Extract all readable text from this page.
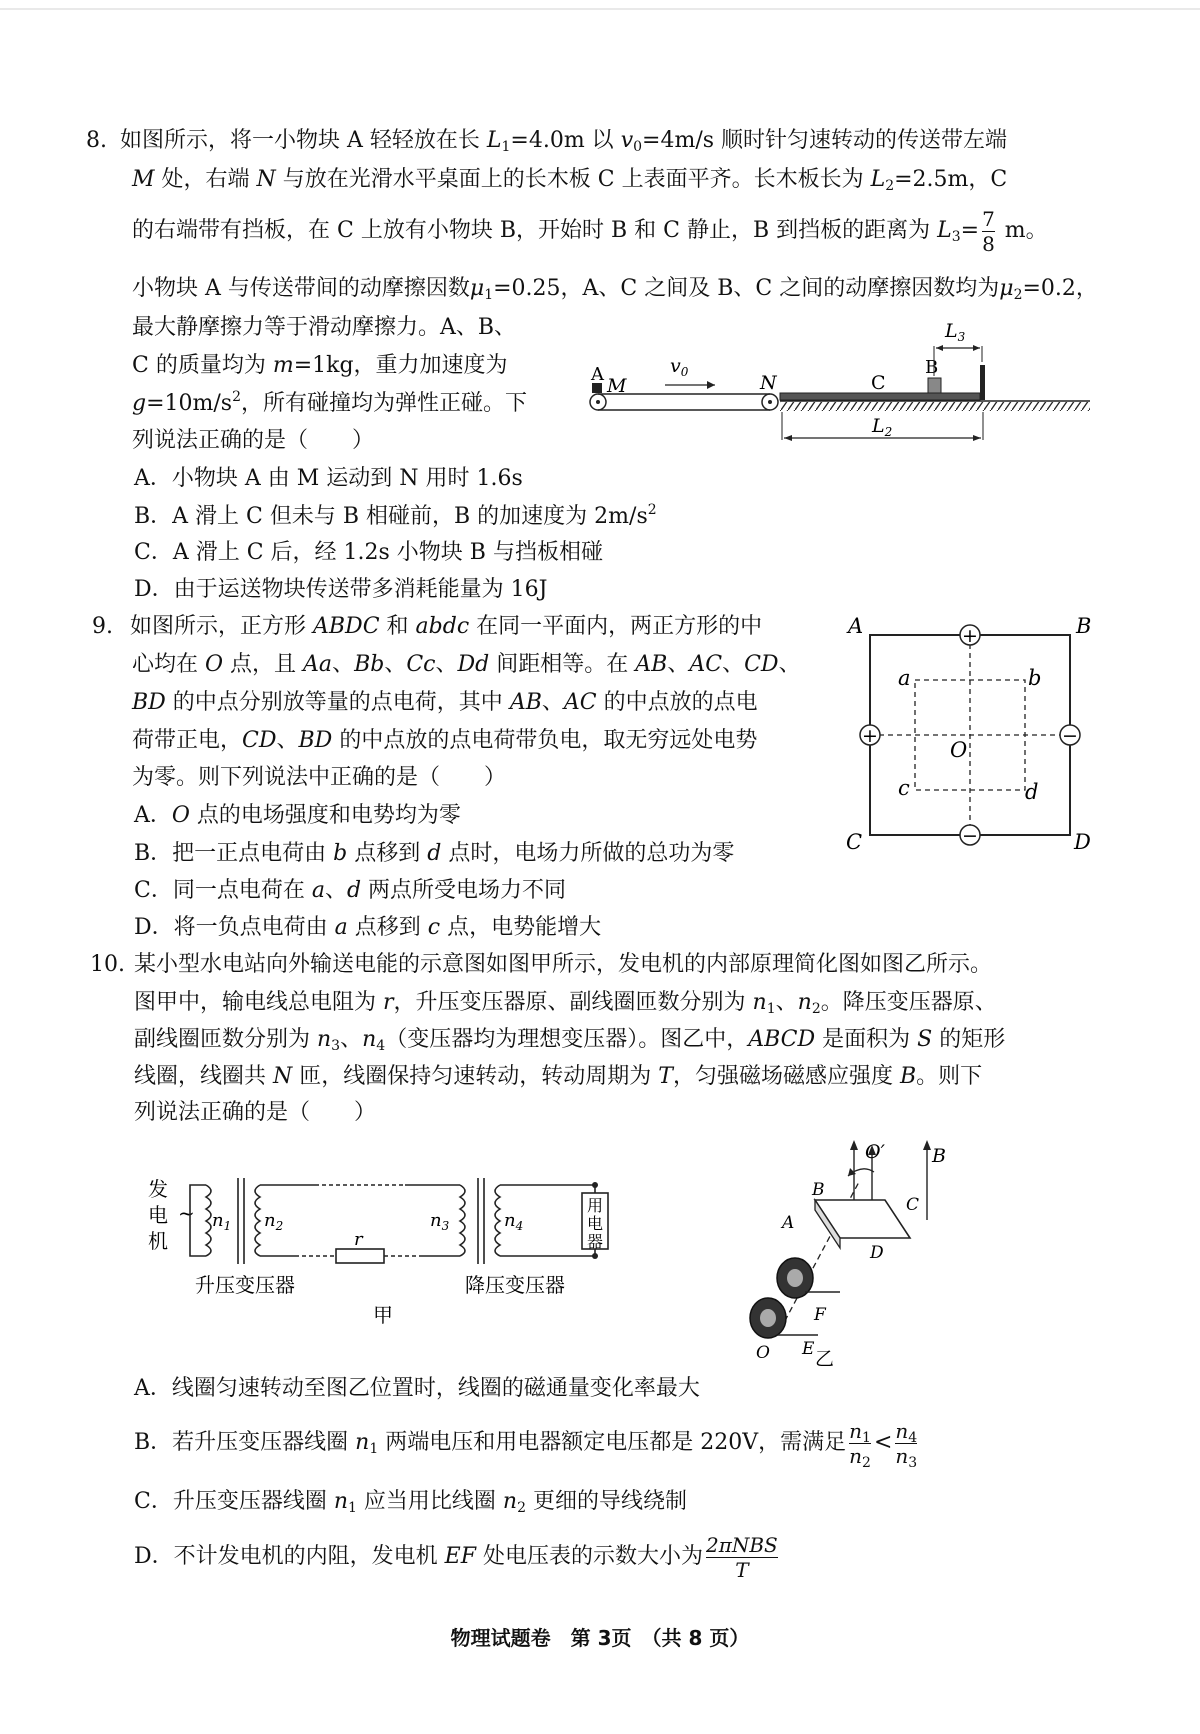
8. 如图所示，将一小物块 A 轻轻放在长 $L_1=4.0m$ 以 $v_0=4m/s$ 顺时针匀速转动的传送带左端
M 处，右端 N 与放在光滑水平桌面上的长木板 C 上表面平齐。长木板长为 $L_2=2.5m$，C
的右端带有挡板，在 C 上放有小物块 B，开始时 B 和 C 静止，B 到挡板的距离为 $L_3= \frac{7}{8}$ m。
小物块 A 与传送带间的动摩擦因数$\mu_1=0.25$，A、C 之间及 B、C 之间的动摩擦因数均为$\mu_2=0.2$，
最大静摩擦力等于滑动摩擦力。A、B、
C 的质量均为 m=1kg，重力加速度为
$g=10m/s^2$，所有碰撞均为弹性正碰。下
列说法正确的是（　　）
A．小物块 A 由 M 运动到 N 用时 1.6s
B．A 滑上 C 但未与 B 相碰前，B 的加速度为 $2m/s^2$
C．A 滑上 C 后，经 1.2s 小物块 B 与挡板相碰
D．由于运送物块传送带多消耗能量为 16J
A
M
$v_0$	N	C
B
$L_3$
$L_2$
9. 如图所示，正方形 ABDC 和 abdc 在同一平面内，两正方形的中
心均在 O 点，且 Aa、Bb、Cc、Dd 间距相等。在 AB、AC、CD、
BD 的中点分别放等量的点电荷，其中 AB、AC 的中点放的点电
荷带正电，CD、BD 的中点放的点电荷带负电，取无穷远处电势
为零。则下列说法中正确的是（　　）
A．O 点的电场强度和电势均为零
B．把一正点电荷由 b 点移到 d 点时，电场力所做的总功为零
C．同一点电荷在 a、d 两点所受电场力不同
D．将一负点电荷由 a 点移到 c 点，电势能增大
+
+	−
−
A	B
C	D
a	b
c	d
O
10. 某小型水电站向外输送电能的示意图如图甲所示，发电机的内部原理简化图如图乙所示。
图甲中，输电线总电阻为 r，升压变压器原、副线圈匝数分别为 $n_1$、$n_2$。降压变压器原、
副线圈匝数分别为 $n_3$、$n_4$（变压器均为理想变压器）。图乙中，ABCD 是面积为 S 的矩形
线圈，线圈共 N 匝，线圈保持匀速转动，转动周期为 T，匀强磁场磁感应强度 B。则下
列说法正确的是（　　）
发
电
机
~ $n_1$ $n_2$
r
$n_3$	$n_4$
用
电
器
升压变压器	降压变压器
甲
B
O′
B
C
A
D
F
E
O 乙
A．线圈匀速转动至图乙位置时，线圈的磁通量变化率最大
B．若升压变压器线圈 $n_1$ 两端电压和用电器额定电压都是 220V，需满足 $\frac{n_1}{n_2} < \frac{n_4}{n_3}$
C．升压变压器线圈 $n_1$ 应当用比线圈 $n_2$ 更细的导线绕制
D．不计发电机的内阻，发电机 EF 处电压表的示数大小为 $\frac{\text{2πNBS}}{T}$
物理试题卷　第 3页　（共 8 页）
